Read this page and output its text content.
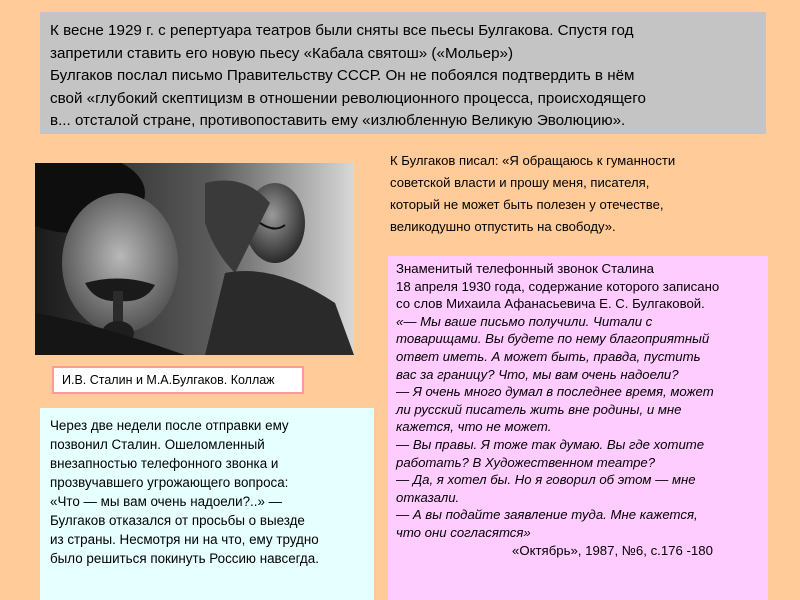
К весне 1929 г. с репертуара театров были сняты все пьесы Булгакова. Спустя год
запретили ставить его новую пьесу «Кабала святош» («Мольер»)
Булгаков послал письмо Правительству СССР. Он не побоялся подтвердить в нём
свой «глубокий скептицизм в отношении революционного процесса, происходящего
в... отсталой стране, противопоставить ему «излюбленную Великую Эволюцию».
К Булгаков писал: «Я обращаюсь к гуманности
советской власти и прошу меня, писателя,
который не может быть полезен у отечестве,
великодушно отпустить на свободу».
И.В. Сталин и М.А.Булгаков. Коллаж
Через две недели после отправки ему
позвонил Сталин. Ошеломленный
внезапностью телефонного звонка и
прозвучавшего угрожающего вопроса:
«Что — мы вам очень надоели?..» —
Булгаков отказался от просьбы о выезде
из страны. Несмотря ни на что, ему трудно
было решиться покинуть Россию навсегда.
Знаменитый телефонный звонок Сталина
18 апреля 1930 года, содержание которого записано
со слов Михаила Афанасьевича Е. С. Булгаковой.
«— Мы ваше письмо получили. Читали с
товарищами. Вы будете по нему благоприятный
ответ иметь. А может быть, правда, пустить
вас за границу? Что, мы вам очень надоели?
— Я очень много думал в последнее время, может
ли русский писатель жить вне родины, и мне
кажется, что не может.
— Вы правы. Я тоже так думаю. Вы где хотите
работать? В Художественном театре?
— Да, я хотел бы. Но я говорил об этом — мне
отказали.
— А вы подайте заявление туда. Мне кажется,
что они согласятся»
«Октябрь», 1987, №6, с.176 -180
